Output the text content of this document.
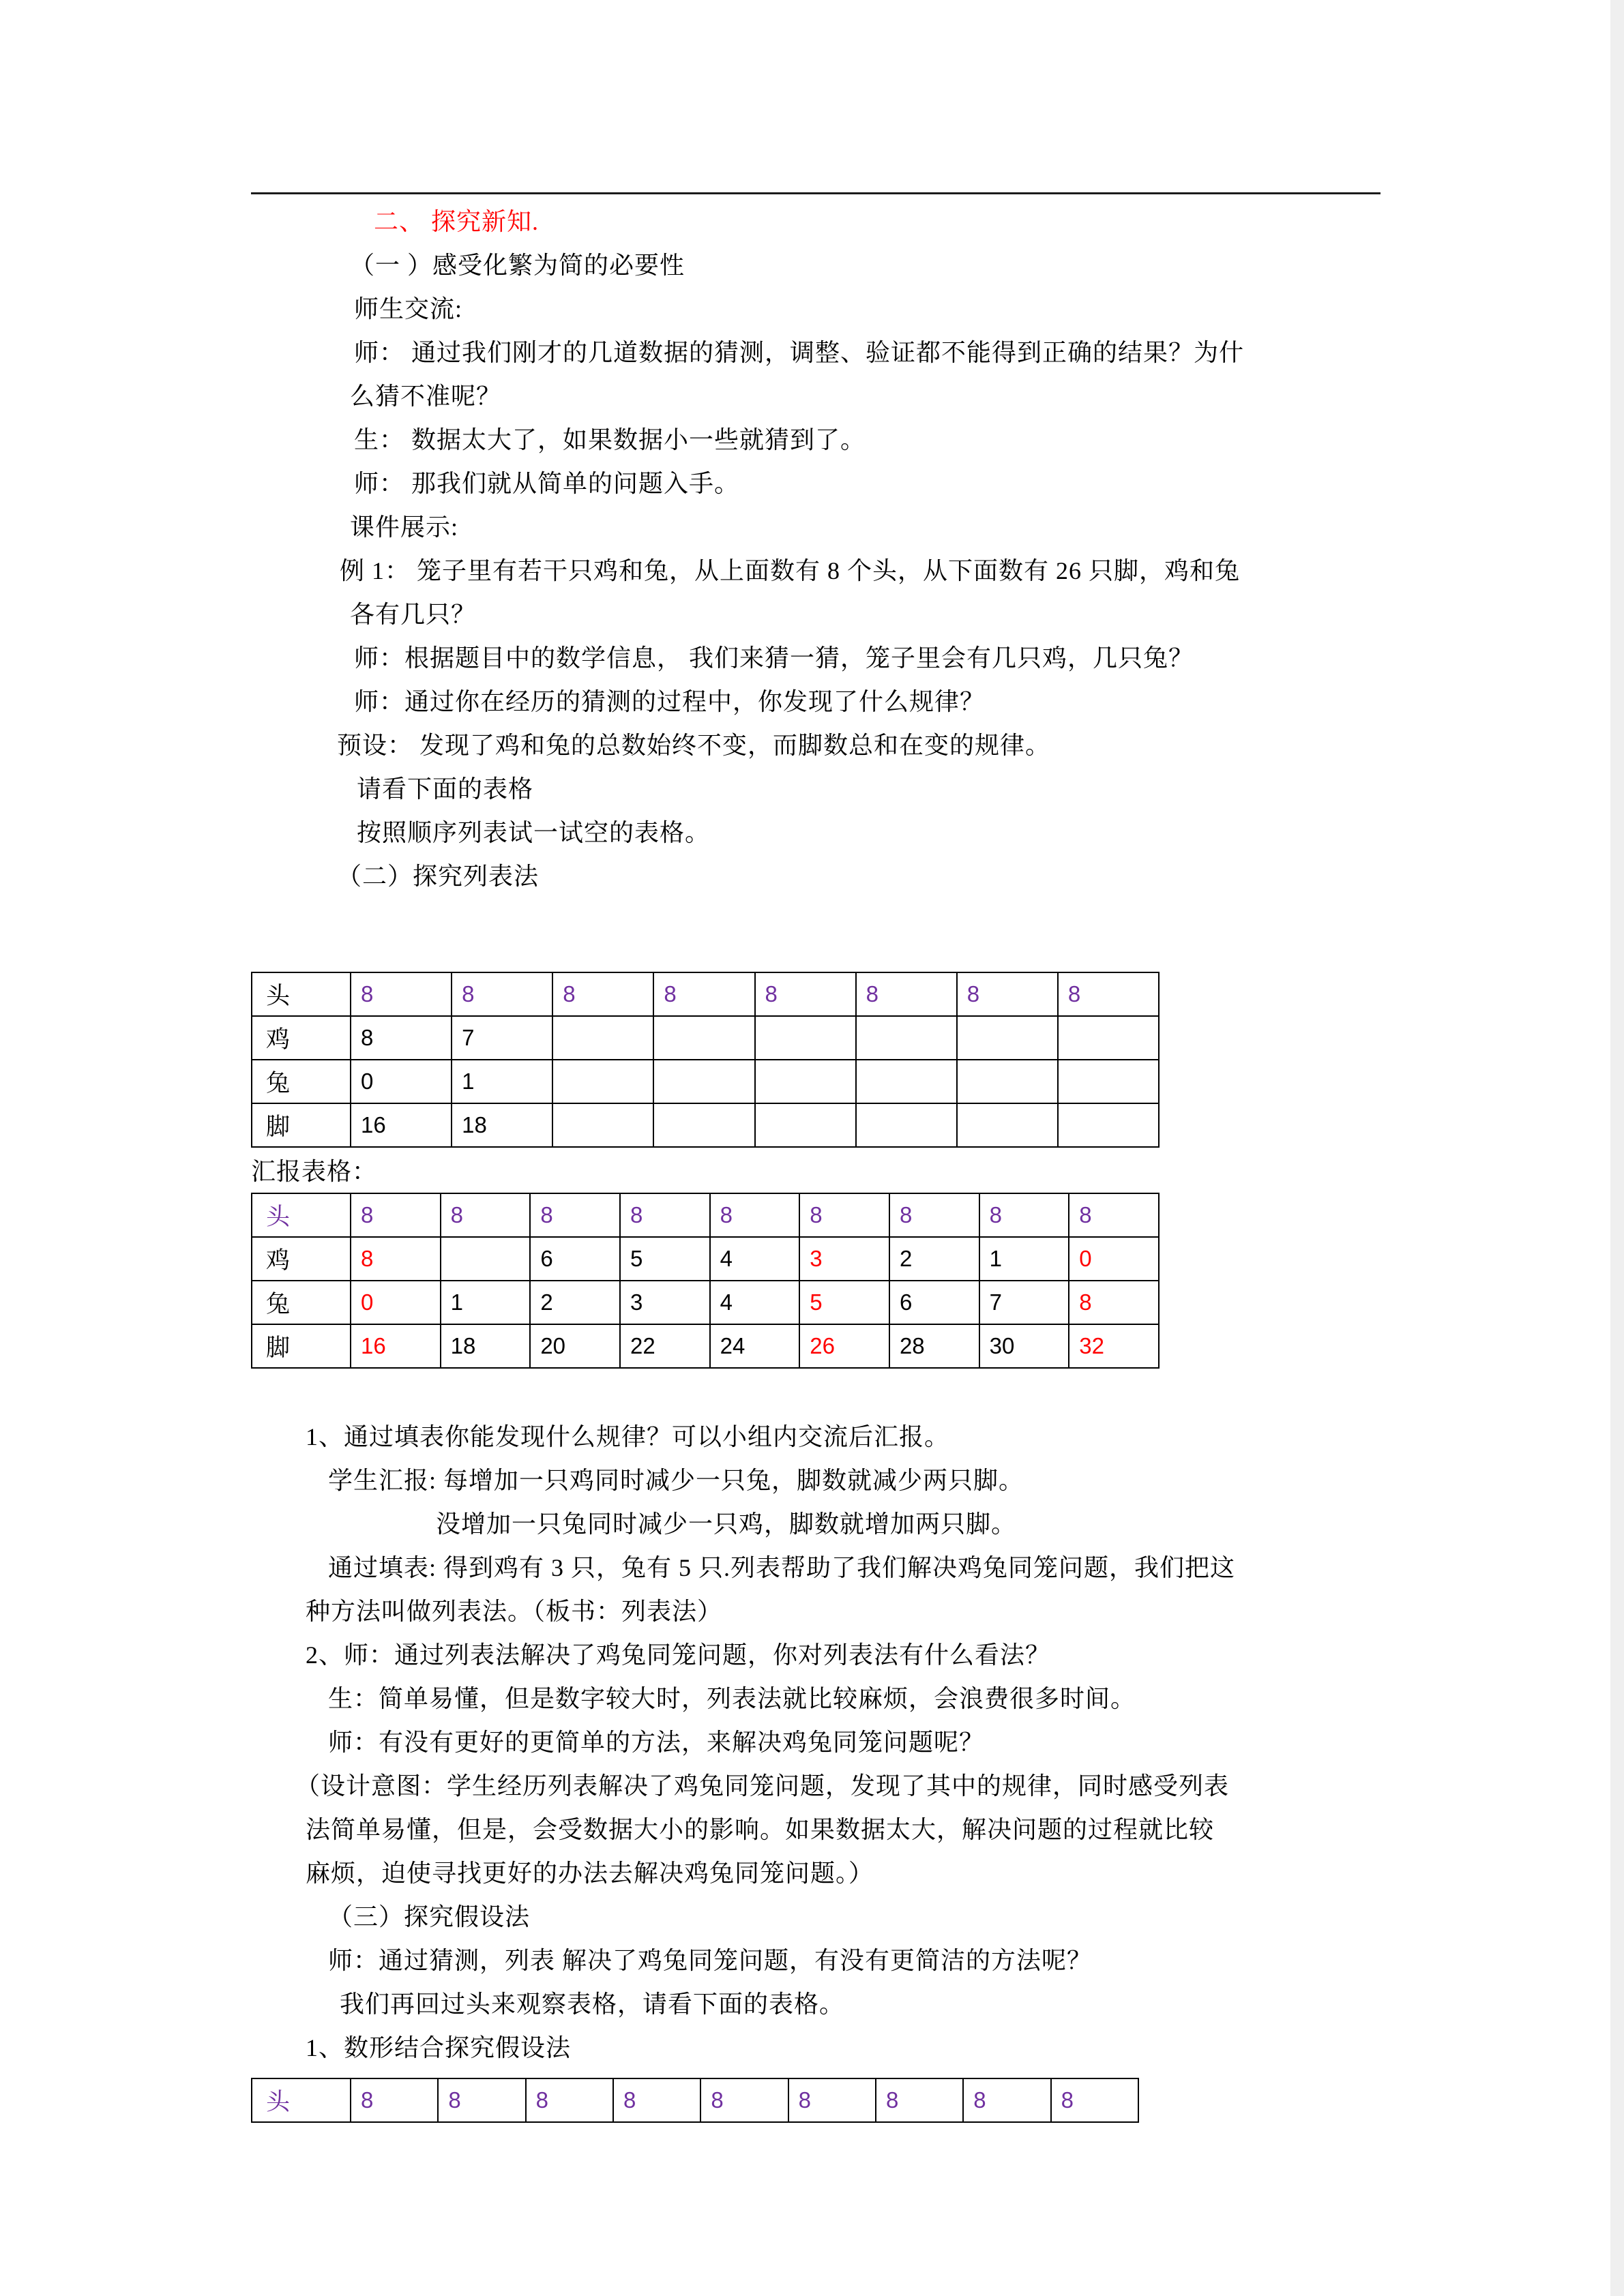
二、 探究新知.
（一 ）感受化繁为简的必要性
师生交流:
师： 通过我们刚才的几道数据的猜测，调整、验证都不能得到正确的结果？为什
么猜不准呢？
生： 数据太大了，如果数据小一些就猜到了。
师： 那我们就从简单的问题入手。
课件展示:
例 1： 笼子里有若干只鸡和兔，从上面数有 8 个头，从下面数有 26 只脚，鸡和兔
各有几只？
师：根据题目中的数学信息， 我们来猜一猜，笼子里会有几只鸡，几只兔？
师：通过你在经历的猜测的过程中，你发现了什么规律？
预设： 发现了鸡和兔的总数始终不变，而脚数总和在变的规律。
请看下面的表格
按照顺序列表试一试空的表格。
（二）探究列表法
头	8	8	8	8	8	8	8	8
鸡	8	7						
兔	0	1						
脚	16	18						
汇报表格：
头	8	8	8	8	8	8	8	8	8
鸡	8		6	5	4	3	2	1	0
兔	0	1	2	3	4	5	6	7	8
脚	16	18	20	22	24	26	28	30	32
1、通过填表你能发现什么规律？可以小组内交流后汇报。
学生汇报: 每增加一只鸡同时减少一只兔，脚数就减少两只脚。
没增加一只兔同时减少一只鸡，脚数就增加两只脚。
通过填表: 得到鸡有 3 只，兔有 5 只.列表帮助了我们解决鸡兔同笼问题，我们把这
种方法叫做列表法。（板书：列表法）
2、师：通过列表法解决了鸡兔同笼问题，你对列表法有什么看法？
生：简单易懂，但是数字较大时，列表法就比较麻烦，会浪费很多时间。
师：有没有更好的更简单的方法，来解决鸡兔同笼问题呢？
（设计意图：学生经历列表解决了鸡兔同笼问题，发现了其中的规律，同时感受列表
法简单易懂，但是，会受数据大小的影响。如果数据太大，解决问题的过程就比较
麻烦，迫使寻找更好的办法去解决鸡兔同笼问题。）
（三）探究假设法
师：通过猜测，列表 解决了鸡兔同笼问题，有没有更简洁的方法呢？
我们再回过头来观察表格，请看下面的表格。
1、数形结合探究假设法
头	8	8	8	8	8	8	8	8	8
